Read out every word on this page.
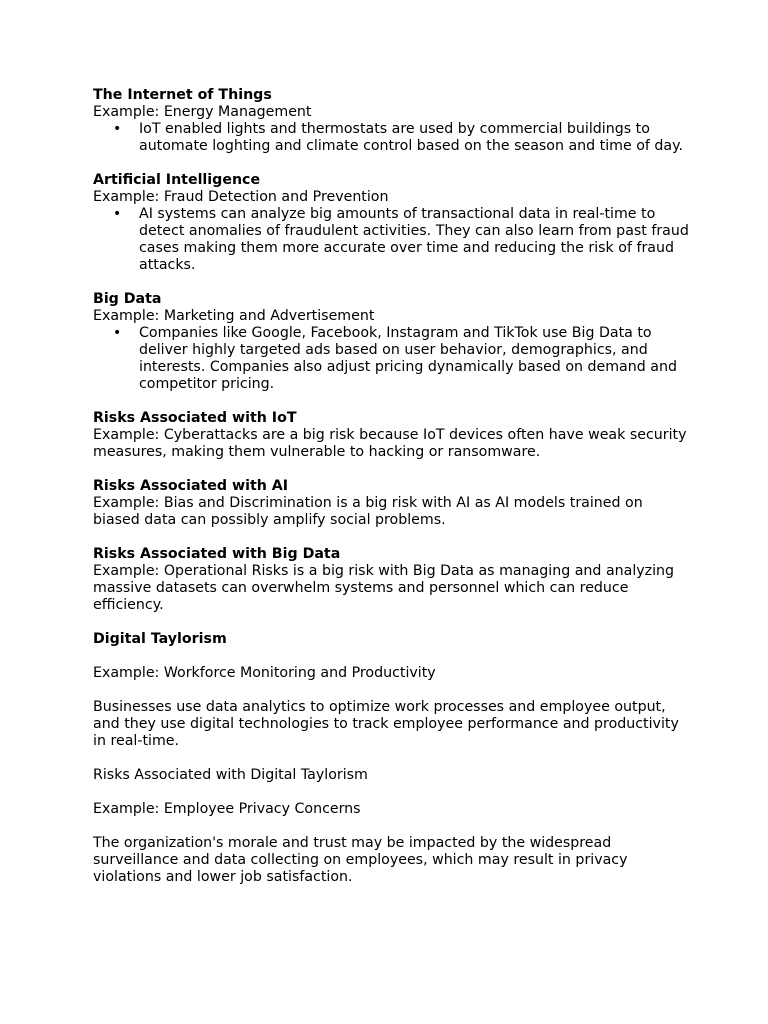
The Internet of Things
Example: Energy Management
• IoT enabled lights and thermostats are used by commercial buildings to automate loghting and climate control based on the season and time of day.
Artificial Intelligence
Example: Fraud Detection and Prevention
• AI systems can analyze big amounts of transactional data in real-time to detect anomalies of fraudulent activities. They can also learn from past fraud cases making them more accurate over time and reducing the risk of fraud attacks.
Big Data
Example: Marketing and Advertisement
• Companies like Google, Facebook, Instagram and TikTok use Big Data to deliver highly targeted ads based on user behavior, demographics, and interests. Companies also adjust pricing dynamically based on demand and competitor pricing.
Risks Associated with IoT
Example: Cyberattacks are a big risk because IoT devices often have weak security measures, making them vulnerable to hacking or ransomware.
Risks Associated with AI
Example: Bias and Discrimination is a big risk with AI as AI models trained on biased data can possibly amplify social problems.
Risks Associated with Big Data
Example: Operational Risks is a big risk with Big Data as managing and analyzing massive datasets can overwhelm systems and personnel which can reduce efficiency.
Digital Taylorism
Example: Workforce Monitoring and Productivity
Businesses use data analytics to optimize work processes and employee output, and they use digital technologies to track employee performance and productivity in real-time.
Risks Associated with Digital Taylorism
Example: Employee Privacy Concerns
The organization's morale and trust may be impacted by the widespread surveillance and data collecting on employees, which may result in privacy violations and lower job satisfaction.
